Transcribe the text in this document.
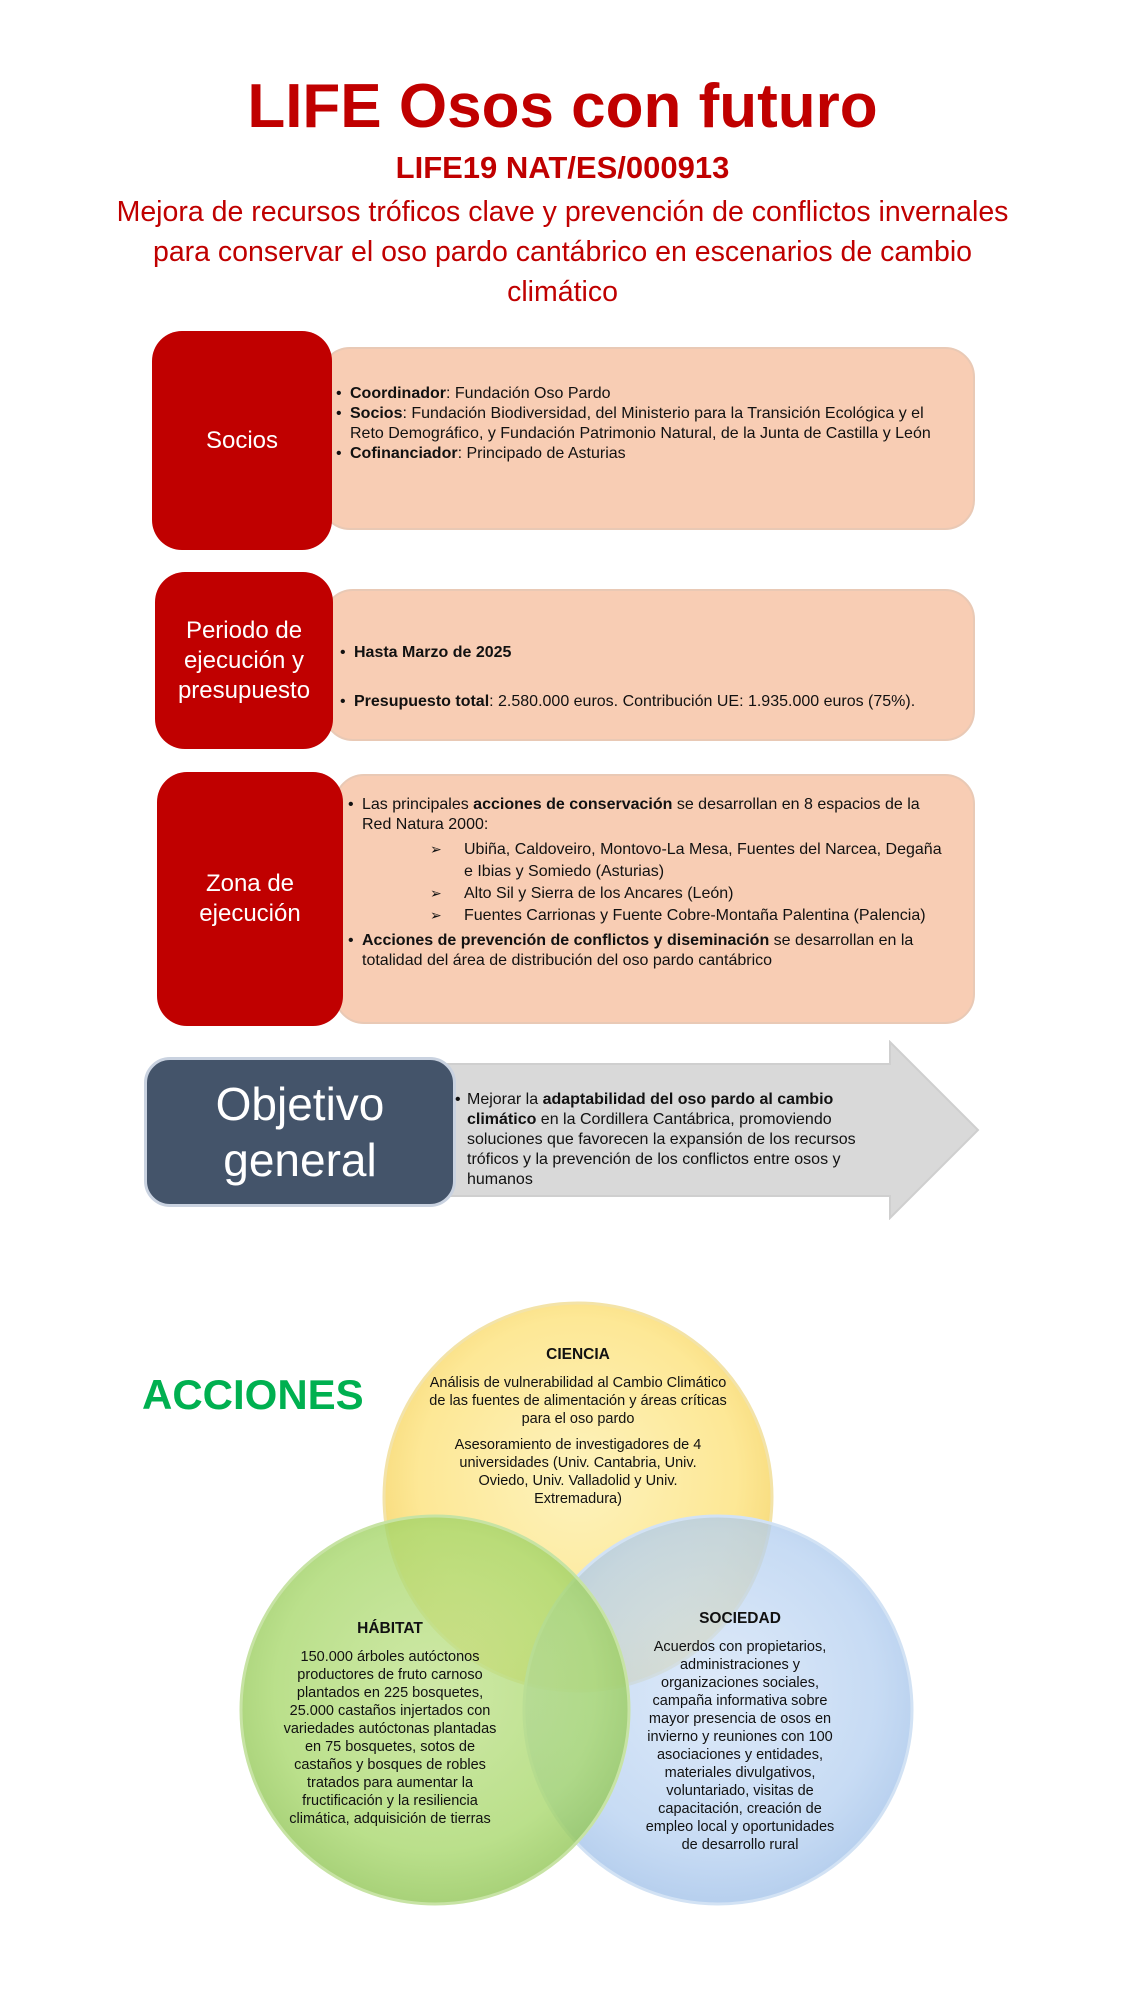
LIFE Osos con futuro
LIFE19 NAT/ES/000913
Mejora de recursos tróficos clave y prevención de conflictos invernales para conservar el oso pardo cantábrico en escenarios de cambio climático
Socios
• Coordinador: Fundación Oso Pardo
• Socios: Fundación Biodiversidad, del Ministerio para la Transición Ecológica y el Reto Demográfico, y Fundación Patrimonio Natural, de la Junta de Castilla y León
• Cofinanciador: Principado de Asturias
Periodo de ejecución y presupuesto
• Hasta Marzo de 2025
• Presupuesto total: 2.580.000 euros. Contribución UE: 1.935.000 euros (75%).
Zona de ejecución
• Las principales acciones de conservación se desarrollan en 8 espacios de la Red Natura 2000:
➢ Ubiña, Caldoveiro, Montovo-La Mesa, Fuentes del Narcea, Degaña e Ibias y Somiedo (Asturias)
➢ Alto Sil y Sierra de los Ancares (León)
➢ Fuentes Carrionas y Fuente Cobre-Montaña Palentina (Palencia)
• Acciones de prevención de conflictos y diseminación se desarrollan en la totalidad del área de distribución del oso pardo cantábrico
Objetivo general
• Mejorar la adaptabilidad del oso pardo al cambio climático en la Cordillera Cantábrica, promoviendo soluciones que favorecen la expansión de los recursos tróficos y la prevención de los conflictos entre osos y humanos
ACCIONES
CIENCIA

Análisis de vulnerabilidad al Cambio Climático de las fuentes de alimentación y áreas críticas para el oso pardo

Asesoramiento de investigadores de 4 universidades (Univ. Cantabria, Univ. Oviedo, Univ. Valladolid y Univ. Extremadura)

HÁBITAT

150.000 árboles autóctonos productores de fruto carnoso plantados en 225 bosquetes, 25.000 castaños injertados con variedades autóctonas plantadas en 75 bosquetes, sotos de castaños y bosques de robles tratados para aumentar la fructificación y la resiliencia climática, adquisición de tierras

SOCIEDAD

Acuerdos con propietarios, administraciones y organizaciones sociales, campaña informativa sobre mayor presencia de osos en invierno y reuniones con 100 asociaciones y entidades, materiales divulgativos, voluntariado, visitas de capacitación, creación de empleo local y oportunidades de desarrollo rural
